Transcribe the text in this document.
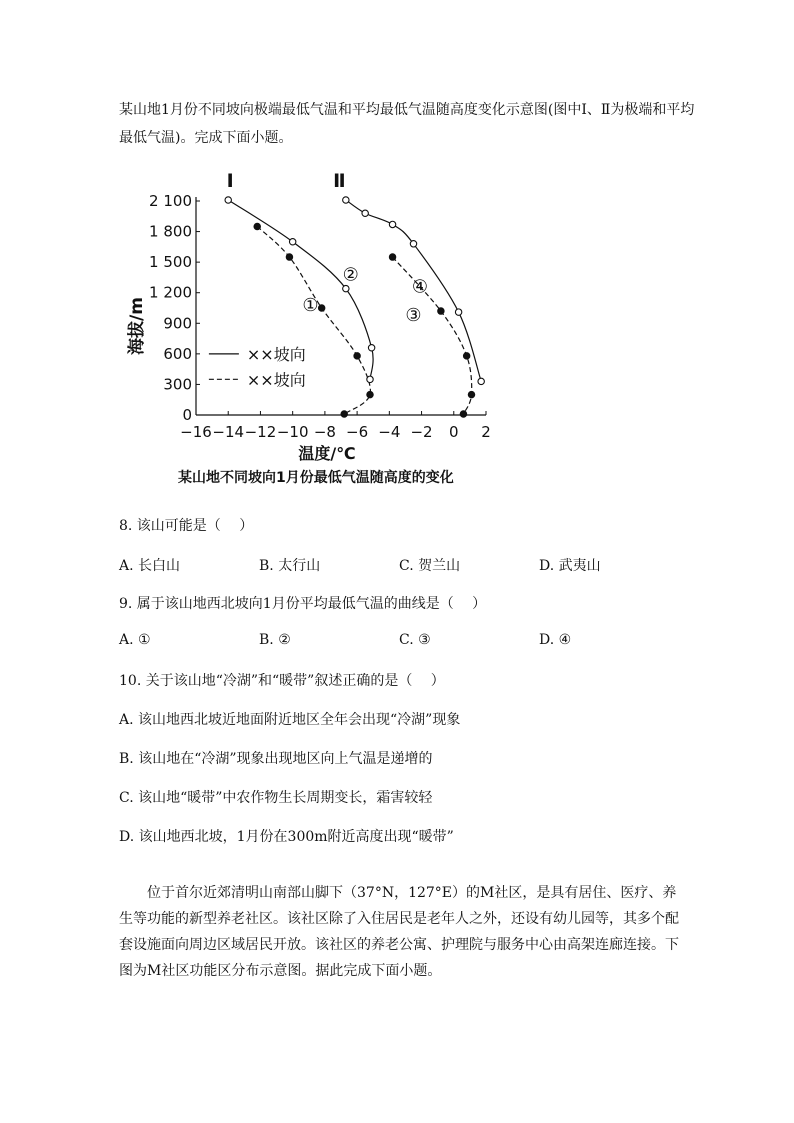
某山地1月份不同坡向极端最低气温和平均最低气温随高度变化示意图(图中Ⅰ、Ⅱ为极端和平均最低气温)。完成下面小题。
−16 −14 −12 −10 −8 −6 −4 −2 0 2
0
300
600
900
1 200
1 500
1 800
2 100
温度/℃
海拔/m
Ⅰ	Ⅱ
①
②
③
④
××坡向
××坡向
某山地不同坡向1月份最低气温随高度的变化
8. 该山可能是（　 ）
A. 长白山	B. 太行山	C. 贺兰山	D. 武夷山
9. 属于该山地西北坡向1月份平均最低气温的曲线是（　 ）
A. ①	B. ②	C. ③	D. ④
10. 关于该山地“冷湖”和“暖带”叙述正确的是（　 ）
A. 该山地西北坡近地面附近地区全年会出现“冷湖”现象
B. 该山地在“冷湖”现象出现地区向上气温是递增的
C. 该山地“暖带”中农作物生长周期变长，霜害较轻
D. 该山地西北坡，1月份在300m附近高度出现“暖带”
位于首尔近郊清明山南部山脚下（37°N，127°E）的M社区，是具有居住、医疗、养生等功能的新型养老社区。该社区除了入住居民是老年人之外，还设有幼儿园等，其多个配套设施面向周边区域居民开放。该社区的养老公寓、护理院与服务中心由高架连廊连接。下图为M社区功能区分布示意图。据此完成下面小题。
